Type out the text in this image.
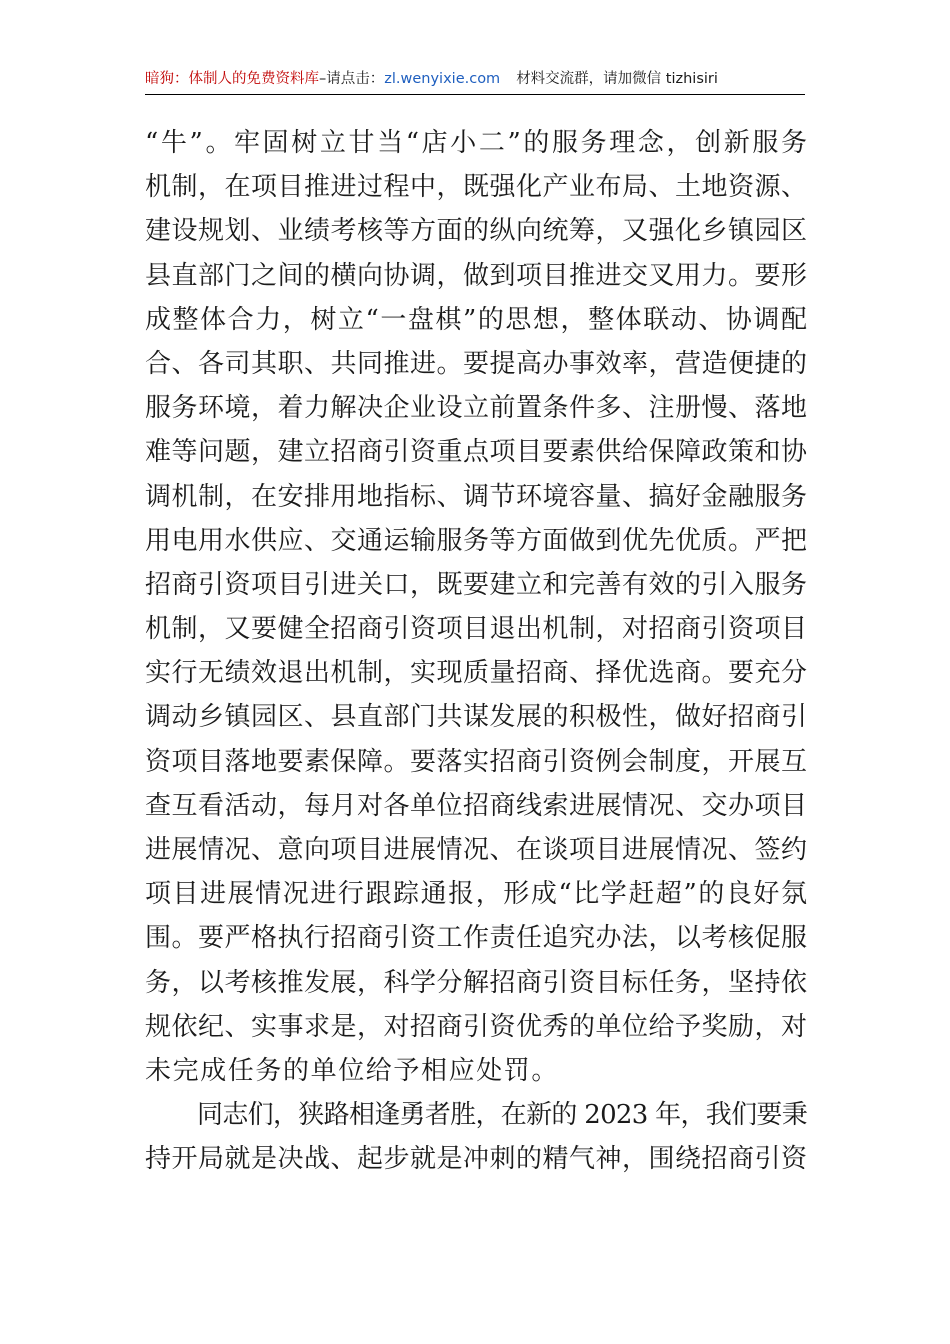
暗狗：体制人的免费资料库 –请点击： zl.wenyixie.com 材料交流群，请加微信 tizhisiri
“牛”。牢固树立甘当“店小二”的服务理念，创新服务
机制，在项目推进过程中，既强化产业布局、土地资源、
建设规划、业绩考核等方面的纵向统筹，又强化乡镇园区
县直部门之间的横向协调，做到项目推进交叉用力。要形
成整体合力，树立“一盘棋”的思想，整体联动、协调配
合、各司其职、共同推进。要提高办事效率，营造便捷的
服务环境，着力解决企业设立前置条件多、注册慢、落地
难等问题，建立招商引资重点项目要素供给保障政策和协
调机制，在安排用地指标、调节环境容量、搞好金融服务
用电用水供应、交通运输服务等方面做到优先优质。严把
招商引资项目引进关口，既要建立和完善有效的引入服务
机制，又要健全招商引资项目退出机制，对招商引资项目
实行无绩效退出机制，实现质量招商、择优选商。要充分
调动乡镇园区、县直部门共谋发展的积极性，做好招商引
资项目落地要素保障。要落实招商引资例会制度，开展互
查互看活动，每月对各单位招商线索进展情况、交办项目
进展情况、意向项目进展情况、在谈项目进展情况、签约
项目进展情况进行跟踪通报，形成“比学赶超”的良好氛
围。要严格执行招商引资工作责任追究办法，以考核促服
务，以考核推发展，科学分解招商引资目标任务，坚持依
规依纪、实事求是，对招商引资优秀的单位给予奖励，对
未完成任务的单位给予相应处罚。
同志们，狭路相逢勇者胜，在新的 2023 年，我们要秉
持开局就是决战、起步就是冲刺的精气神，围绕招商引资
